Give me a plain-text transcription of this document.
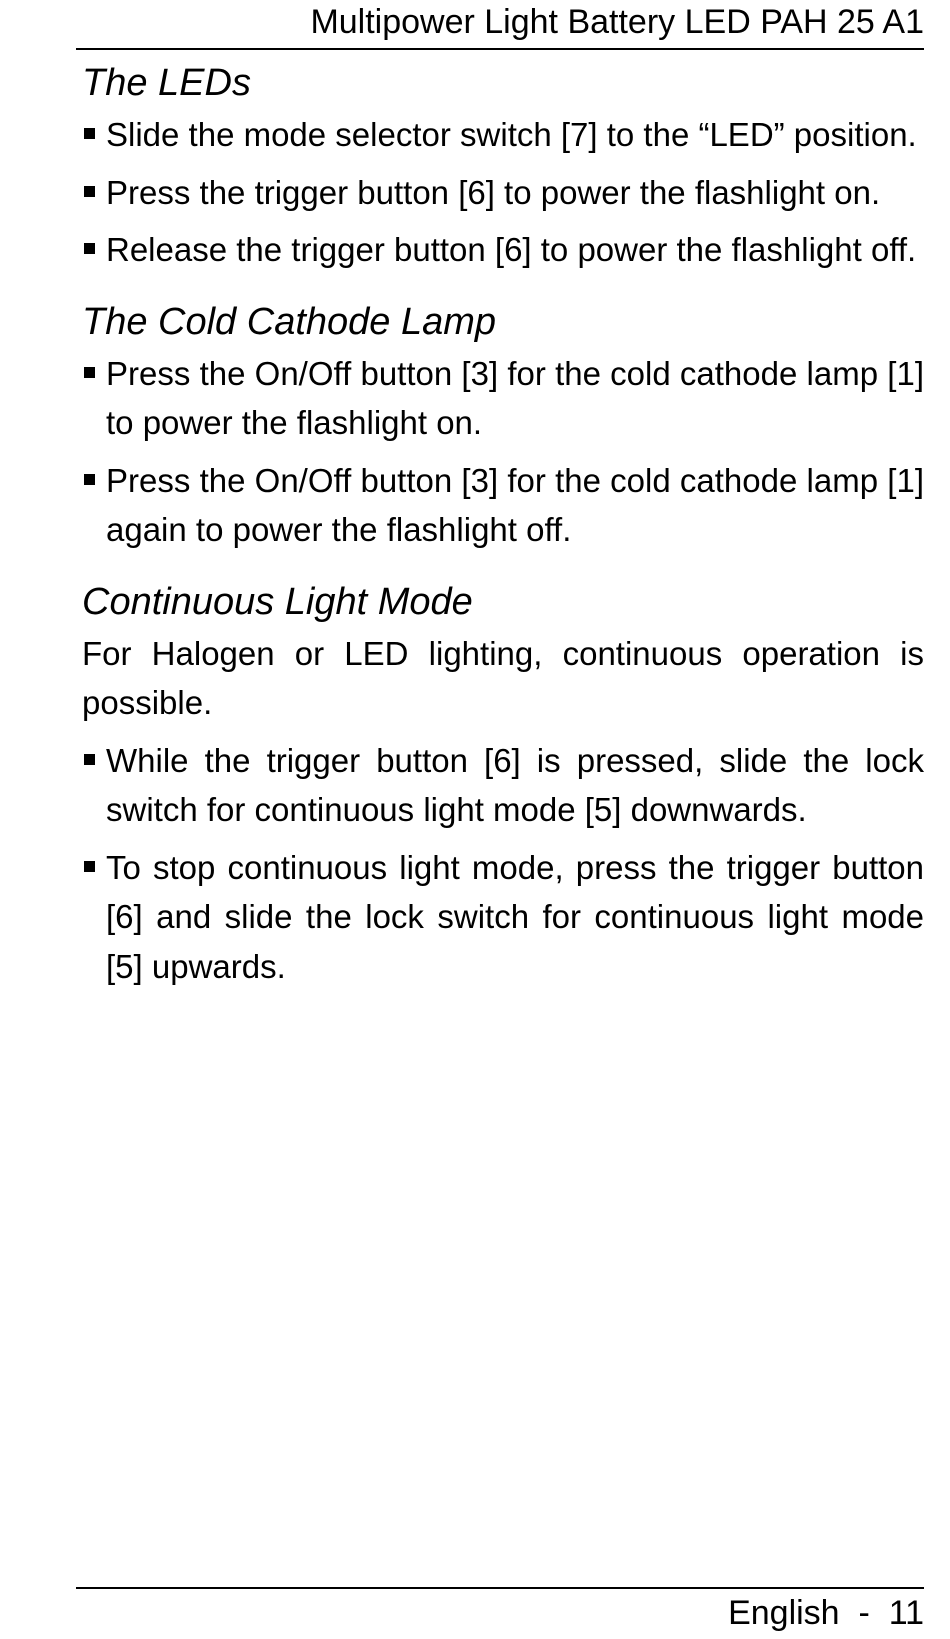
Multipower Light Battery LED PAH 25 A1
The LEDs
Slide the mode selector switch [7] to the “LED” position.
Press the trigger button [6] to power the flashlight on.
Release the trigger button [6] to power the flashlight off.
The Cold Cathode Lamp
Press the On/Off button [3] for the cold cathode lamp [1] to power the flashlight on.
Press the On/Off button [3] for the cold cathode lamp [1] again to power the flashlight off.
Continuous Light Mode

For Halogen or LED lighting, continuous operation is possible.

While the trigger button [6] is pressed, slide the lock switch for continuous light mode [5] downwards.
To stop continuous light mode, press the trigger button [6] and slide the lock switch for continuous light mode [5] upwards.
English  -  11
